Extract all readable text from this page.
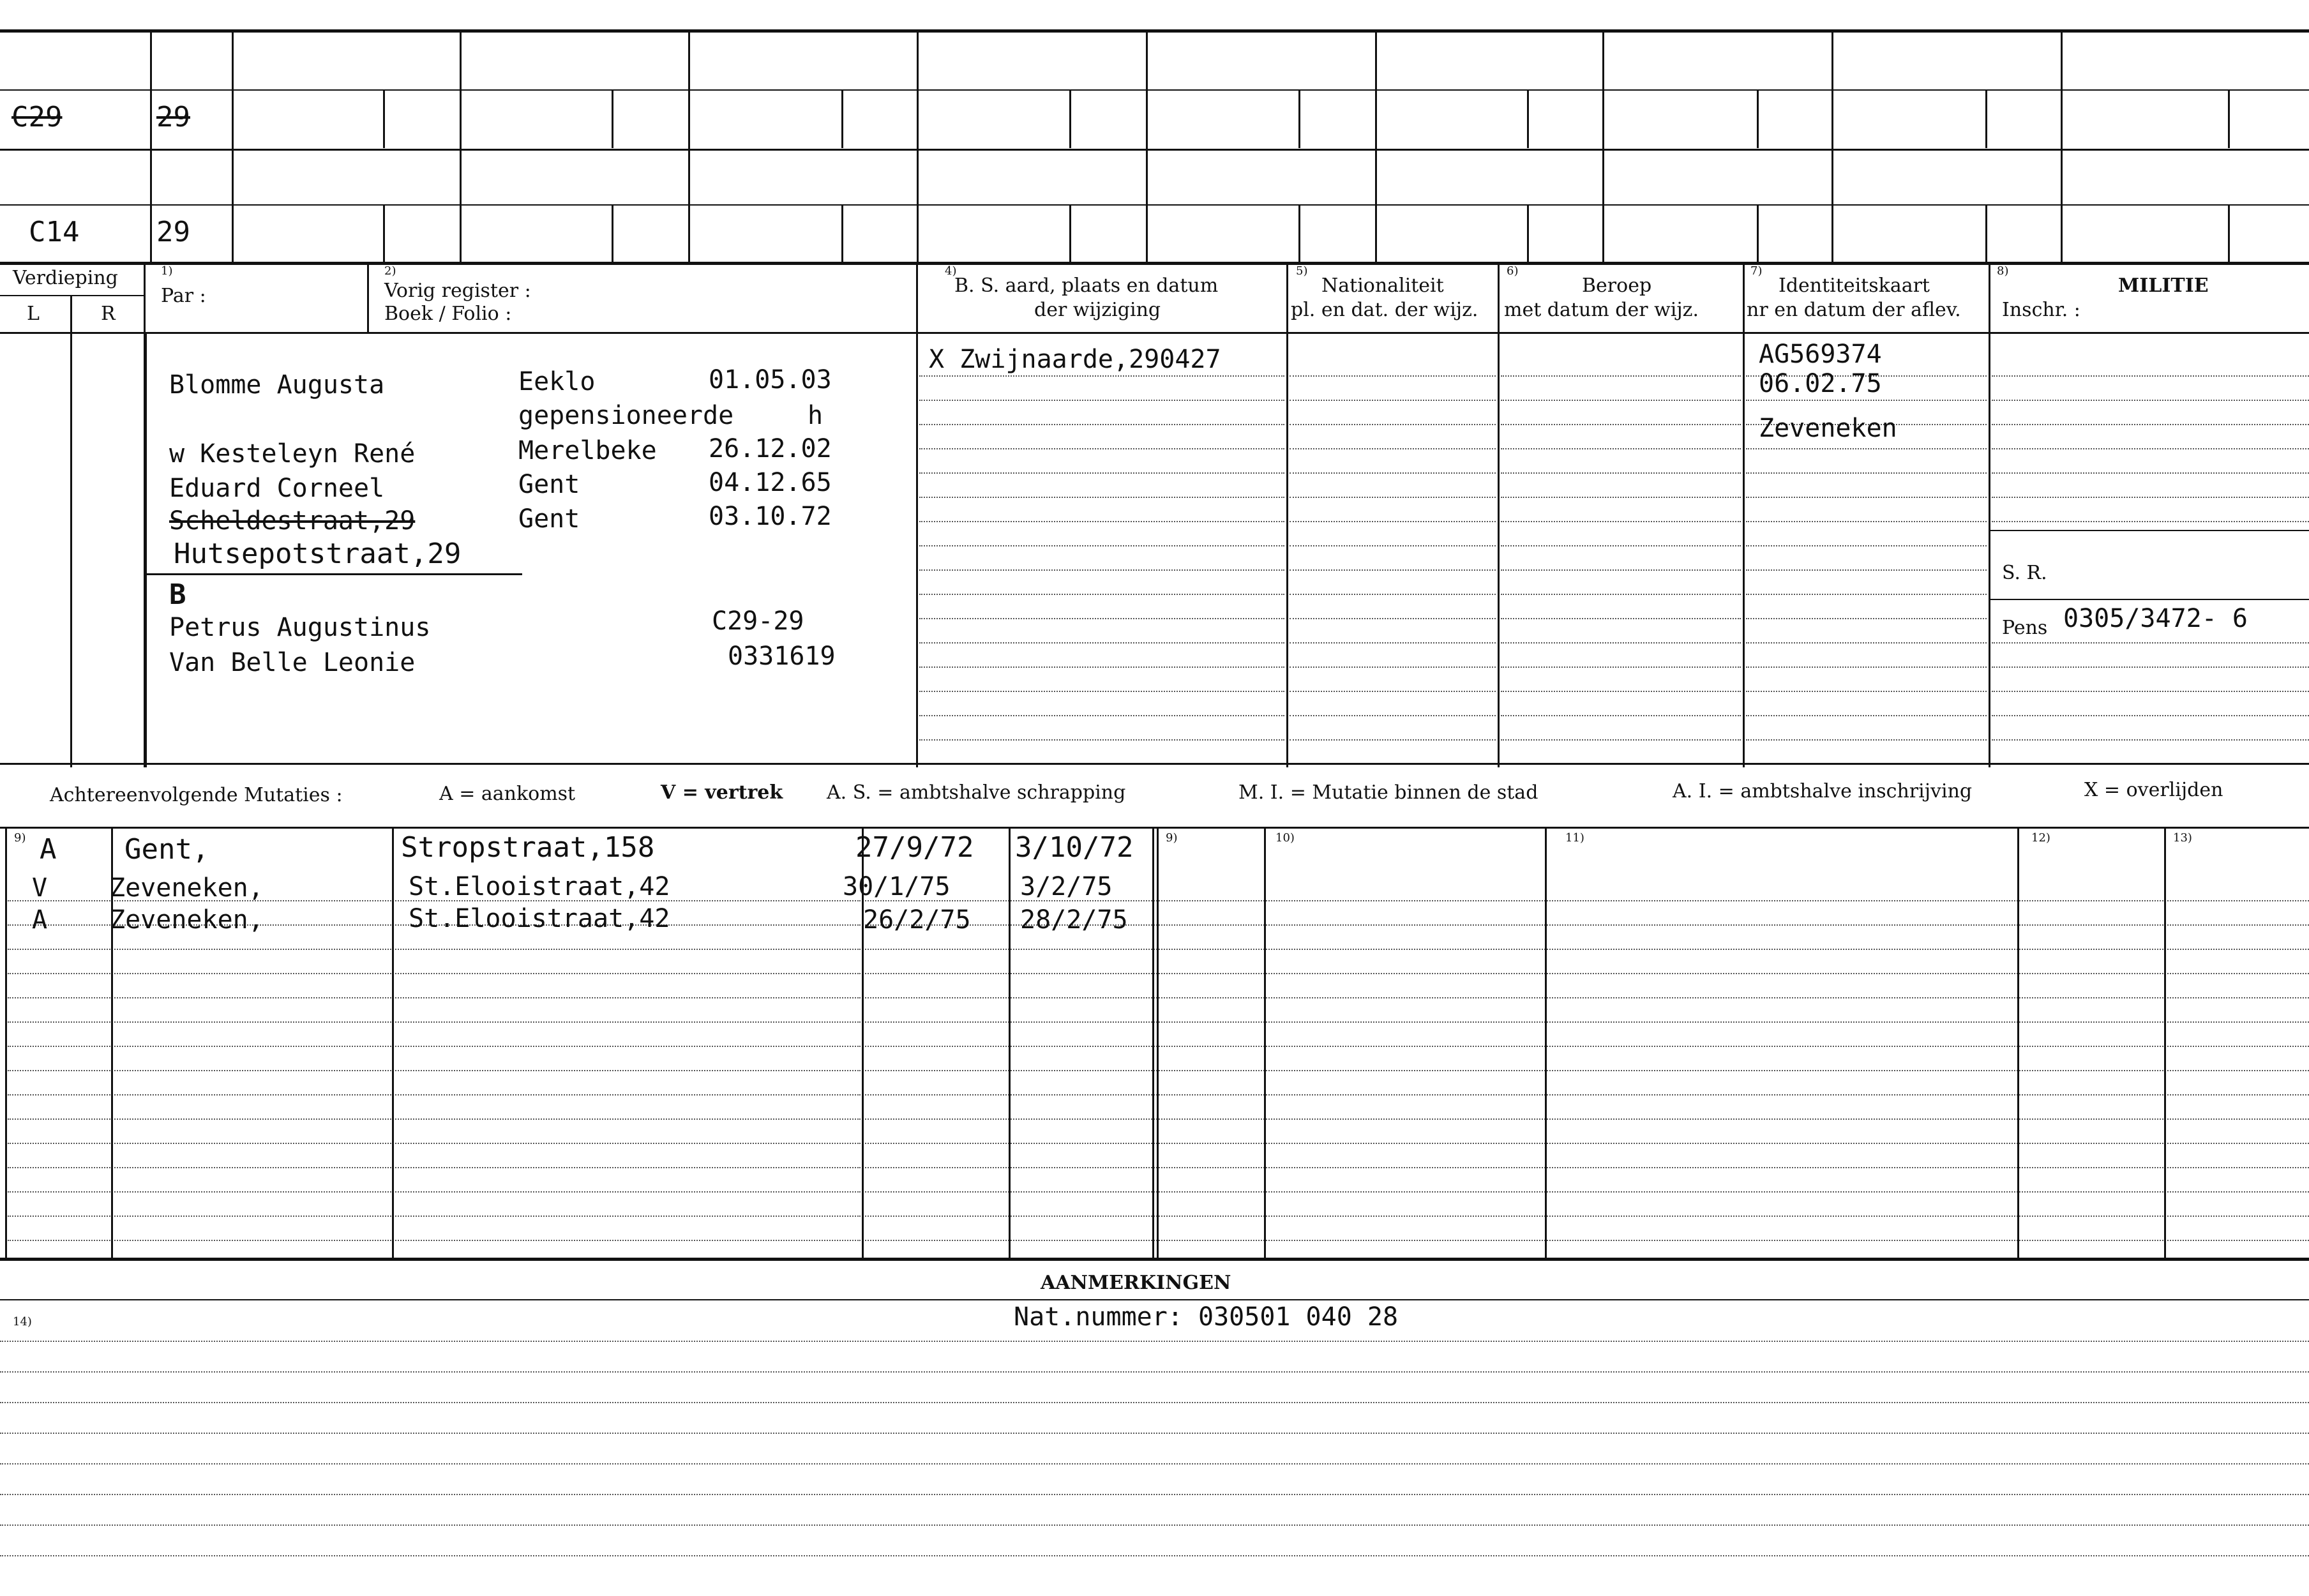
C29	29
C14	29
Verdieping
L	R
1)
Par :
2)
Vorig register :
Boek / Folio :
4)
B. S. aard, plaats en datum
der wijziging
5)
Nationaliteit
pl. en dat. der wijz.
6)
Beroep
met datum der wijz.
7)
Identiteitskaart
nr en datum der aflev.
8)
MILITIE
Inschr. :
Blomme Augusta	Eeklo	01.05.03
gepensioneerde	h
w Kesteleyn René	Merelbeke 26.12.02
Eduard Corneel	Gent	04.12.65
Scheldestraat,29	Gent	03.10.72
Hutsepotstraat,29
B
Petrus Augustinus	C29-29
Van Belle Leonie	0331619
X Zwijnaarde,290427	AG569374
06.02.75
Zeveneken
S. R.
Pens 0305/3472- 6
Achtereenvolgende Mutaties :	A = aankomst	V = vertrek A. S. = ambtshalve schrapping	M. I. = Mutatie binnen de stad	A. I. = ambtshalve inschrijving	X = overlijden
9)	9)	10)	11)	12)	13)
A Gent,	Stropstraat,158	27/9/72 3/10/72
V Zeveneken,	St.Elooistraat,42	30/1/75	3/2/75
A Zeveneken,	St.Elooistraat,42	26/2/75 28/2/75
AANMERKINGEN
14)	Nat.nummer: 030501 040 28
